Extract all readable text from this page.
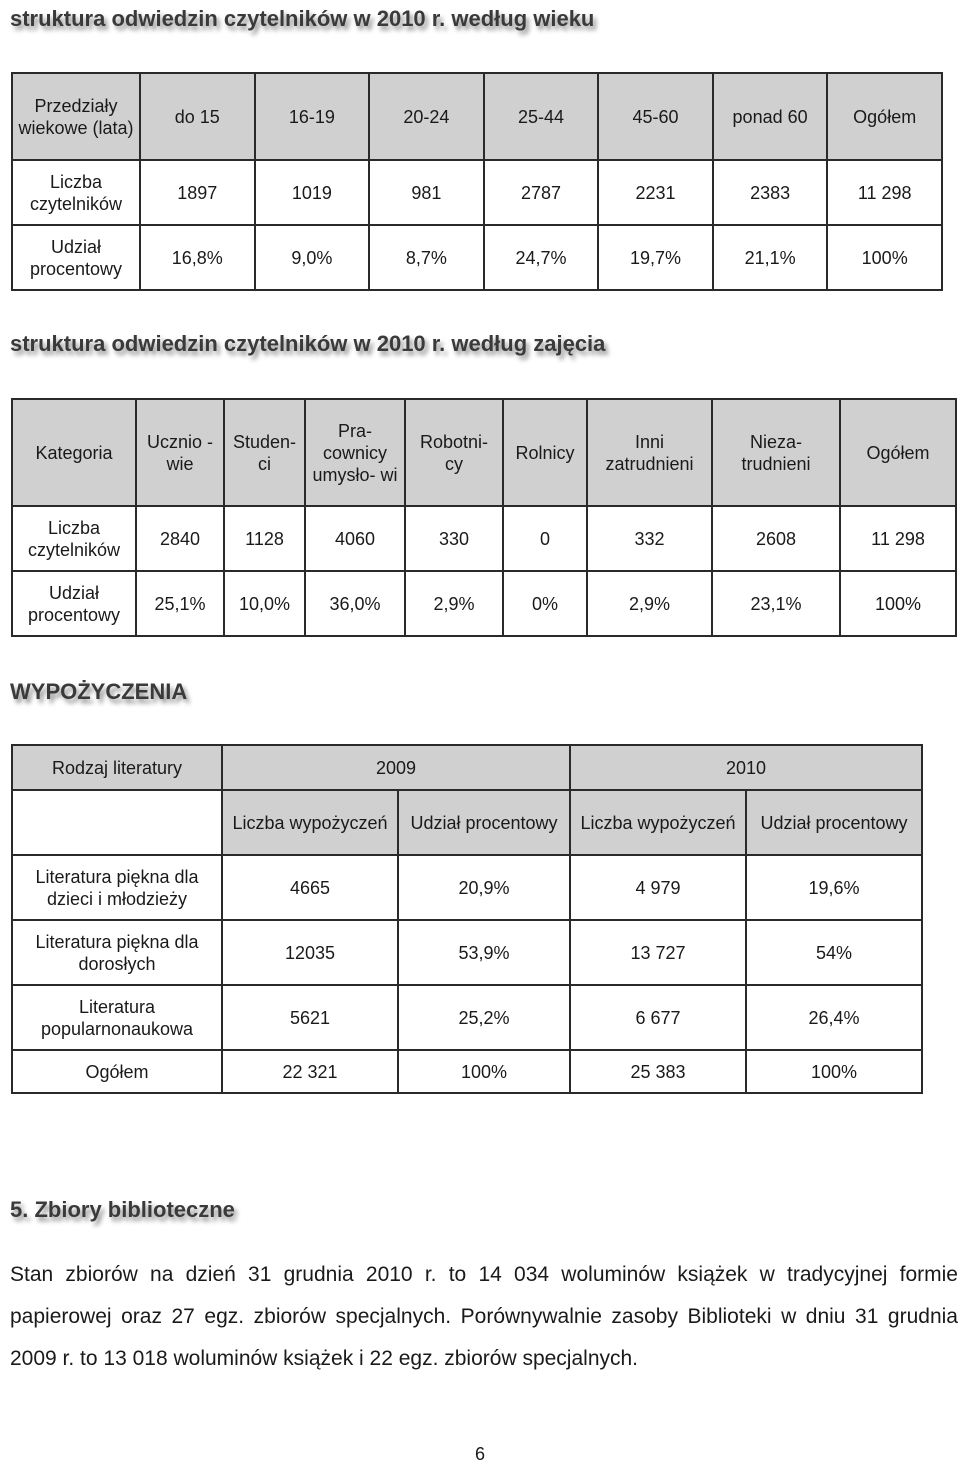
struktura odwiedzin czytelników w 2010 r. według wieku
Przedziały wiekowe (lata)	do 15	16-19	20-24	25-44	45-60	ponad 60	Ogółem
Liczba czytelników	1897	1019	981	2787	2231	2383	11 298
Udział procentowy	16,8%	9,0%	8,7%	24,7%	19,7%	21,1%	100%
struktura odwiedzin czytelników w 2010 r. według zajęcia
Kategoria	Ucznio -wie	Studen- ci	Pra- cownicy umysło- wi	Robotni- cy	Rolnicy	Inni zatrudnieni	Nieza- trudnieni	Ogółem
Liczba czytelników	2840	1128	4060	330	0	332	2608	11 298
Udział procentowy	25,1%	10,0%	36,0%	2,9%	0%	2,9%	23,1%	100%
WYPOŻYCZENIA
Rodzaj literatury	2009		2010	
	Liczba wypożyczeń	Udział procentowy	Liczba wypożyczeń	Udział procentowy
Literatura piękna dla dzieci i młodzieży	4665	20,9%	4 979	19,6%
Literatura piękna dla dorosłych	12035	53,9%	13 727	54%
Literatura popularnonaukowa	5621	25,2%	6 677	26,4%
Ogółem	22 321	100%	25 383	100%
5. Zbiory biblioteczne

Stan zbiorów na dzień 31 grudnia 2010 r. to 14 034 woluminów książek w tradycyjnej formie papierowej oraz 27 egz. zbiorów specjalnych. Porównywalnie zasoby Biblioteki w dniu 31 grudnia 2009 r. to 13 018 woluminów książek i 22 egz. zbiorów specjalnych.

6
